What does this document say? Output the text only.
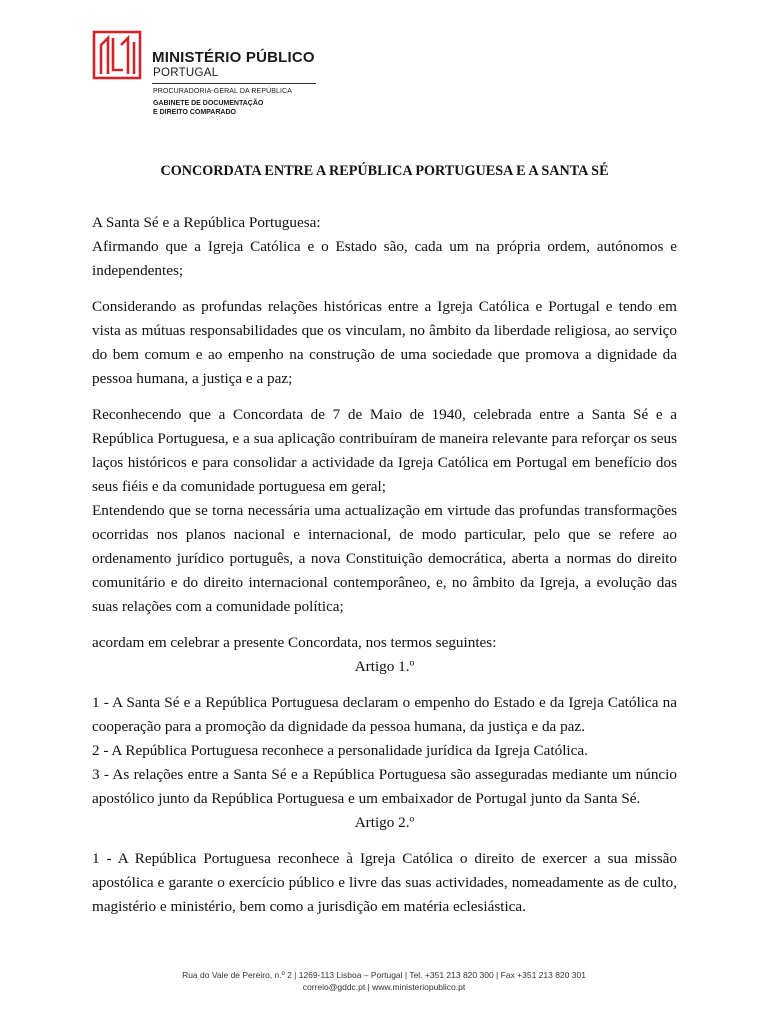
MINISTÉRIO PÚBLICO
PORTUGAL
PROCURADORIA-GERAL DA REPÚBLICA
GABINETE DE DOCUMENTAÇÃO
E DIREITO COMPARADO
CONCORDATA ENTRE A REPÚBLICA PORTUGUESA E A SANTA SÉ

A Santa Sé e a República Portuguesa:

Afirmando que a Igreja Católica e o Estado são, cada um na própria ordem, autónomos e independentes;

Considerando as profundas relações históricas entre a Igreja Católica e Portugal e tendo em vista as mútuas responsabilidades que os vinculam, no âmbito da liberdade religiosa, ao serviço do bem comum e ao empenho na construção de uma sociedade que promova a dignidade da pessoa humana, a justiça e a paz;

Reconhecendo que a Concordata de 7 de Maio de 1940, celebrada entre a Santa Sé e a República Portuguesa, e a sua aplicação contribuíram de maneira relevante para reforçar os seus laços históricos e para consolidar a actividade da Igreja Católica em Portugal em benefício dos seus fiéis e da comunidade portuguesa em geral;

Entendendo que se torna necessária uma actualização em virtude das profundas transformações ocorridas nos planos nacional e internacional, de modo particular, pelo que se refere ao ordenamento jurídico português, a nova Constituição democrática, aberta a normas do direito comunitário e do direito internacional contemporâneo, e, no âmbito da Igreja, a evolução das suas relações com a comunidade política;

acordam em celebrar a presente Concordata, nos termos seguintes:

Artigo 1.º

1 - A Santa Sé e a República Portuguesa declaram o empenho do Estado e da Igreja Católica na cooperação para a promoção da dignidade da pessoa humana, da justiça e da paz.

2 - A República Portuguesa reconhece a personalidade jurídica da Igreja Católica.

3 - As relações entre a Santa Sé e a República Portuguesa são asseguradas mediante um núncio apostólico junto da República Portuguesa e um embaixador de Portugal junto da Santa Sé.

Artigo 2.º

1 - A República Portuguesa reconhece à Igreja Católica o direito de exercer a sua missão apostólica e garante o exercício público e livre das suas actividades, nomeadamente as de culto, magistério e ministério, bem como a jurisdição em matéria eclesiástica.

Rua do Vale de Pereiro, n.º 2 | 1269-113 Lisboa – Portugal | Tel. +351 213 820 300 | Fax +351 213 820 301
correio@gddc.pt | www.ministeriopublico.pt
